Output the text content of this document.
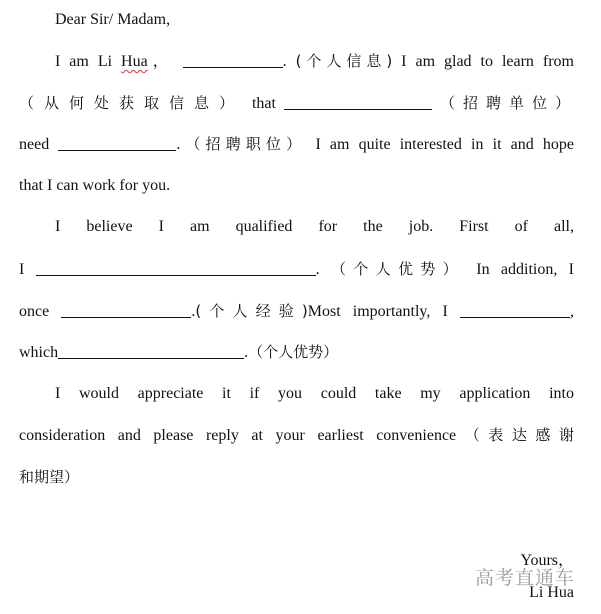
Dear Sir/ Madam,
I am Li Hua，	. (个人信息) I am glad to learn from
（从何处获取信息） that	（招聘单位）
need	.（招聘职位） I am quite interested in it and hope
that I can work for you.
I believe I am qualified for the job. First of all,
I	. （个人优势） In addition, I
once	.(个人经验)Most importantly, I	,
which	.（个人优势）
I would appreciate it if you could take my application into
consideration and please reply at your earliest convenience（表达感谢
和期望）
Yours，
Li Hua
高考直通车
